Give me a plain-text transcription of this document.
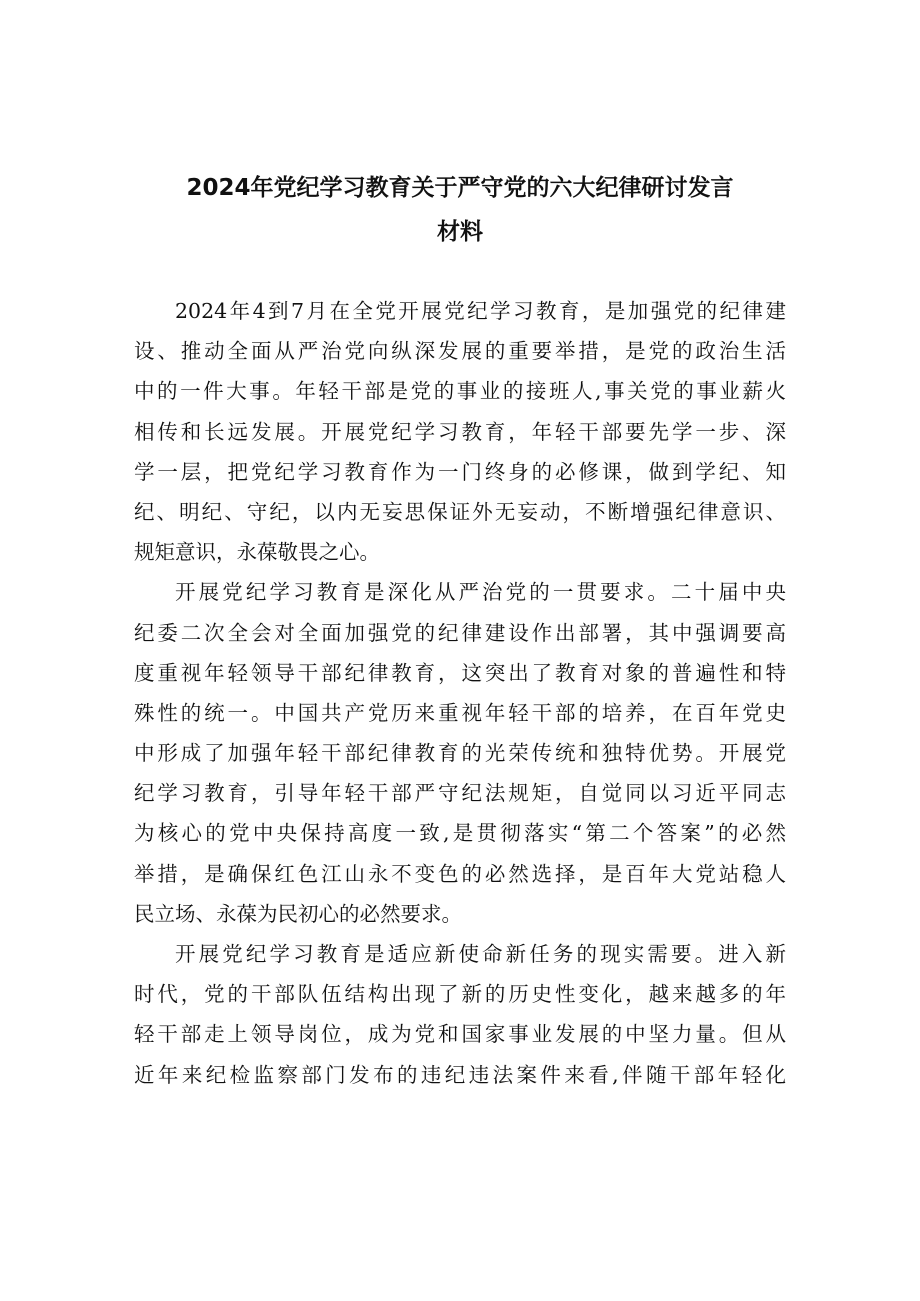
2024年党纪学习教育关于严守党的六大纪律研讨发言
材料
2024年4到7月在全党开展党纪学习教育，是加强党的纪律建
设、推动全面从严治党向纵深发展的重要举措，是党的政治生活
中的一件大事。年轻干部是党的事业的接班人,事关党的事业薪火
相传和长远发展。开展党纪学习教育，年轻干部要先学一步、深
学一层，把党纪学习教育作为一门终身的必修课，做到学纪、知
纪、明纪、守纪，以内无妄思保证外无妄动，不断增强纪律意识、
规矩意识，永葆敬畏之心。
开展党纪学习教育是深化从严治党的一贯要求。二十届中央
纪委二次全会对全面加强党的纪律建设作出部署，其中强调要高
度重视年轻领导干部纪律教育，这突出了教育对象的普遍性和特
殊性的统一。中国共产党历来重视年轻干部的培养，在百年党史
中形成了加强年轻干部纪律教育的光荣传统和独特优势。开展党
纪学习教育，引导年轻干部严守纪法规矩，自觉同以习近平同志
为核心的党中央保持高度一致,是贯彻落实“第二个答案”的必然
举措，是确保红色江山永不变色的必然选择，是百年大党站稳人
民立场、永葆为民初心的必然要求。
开展党纪学习教育是适应新使命新任务的现实需要。进入新
时代，党的干部队伍结构出现了新的历史性变化，越来越多的年
轻干部走上领导岗位，成为党和国家事业发展的中坚力量。但从
近年来纪检监察部门发布的违纪违法案件来看,伴随干部年轻化
